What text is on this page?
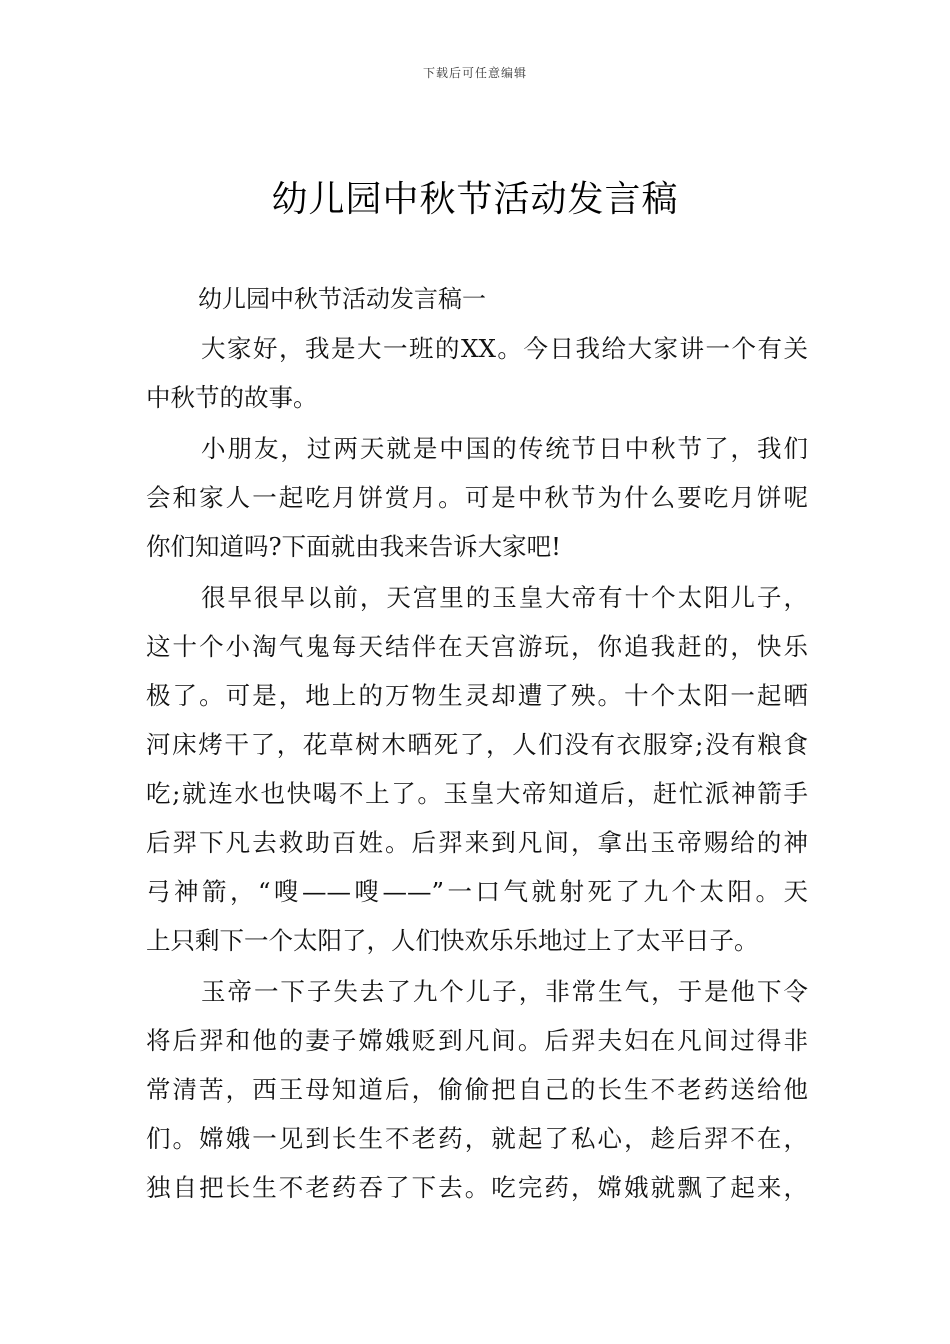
下载后可任意编辑
幼儿园中秋节活动发言稿

幼儿园中秋节活动发言稿一

大家好，我是大一班的XX。今日我给大家讲一个有关
中秋节的故事。
小朋友，过两天就是中国的传统节日中秋节了，我们
会和家人一起吃月饼赏月。可是中秋节为什么要吃月饼呢
你们知道吗?下面就由我来告诉大家吧!
很早很早以前，天宫里的玉皇大帝有十个太阳儿子，
这十个小淘气鬼每天结伴在天宫游玩，你追我赶的，快乐
极了。可是，地上的万物生灵却遭了殃。十个太阳一起晒
河床烤干了，花草树木晒死了，人们没有衣服穿;没有粮食
吃;就连水也快喝不上了。玉皇大帝知道后，赶忙派神箭手
后羿下凡去救助百姓。后羿来到凡间，拿出玉帝赐给的神
弓神箭，“嗖——嗖——”一口气就射死了九个太阳。天
上只剩下一个太阳了，人们快欢乐乐地过上了太平日子。
玉帝一下子失去了九个儿子，非常生气，于是他下令
将后羿和他的妻子嫦娥贬到凡间。后羿夫妇在凡间过得非
常清苦，西王母知道后，偷偷把自己的长生不老药送给他
们。嫦娥一见到长生不老药，就起了私心，趁后羿不在，
独自把长生不老药吞了下去。吃完药，嫦娥就飘了起来，
